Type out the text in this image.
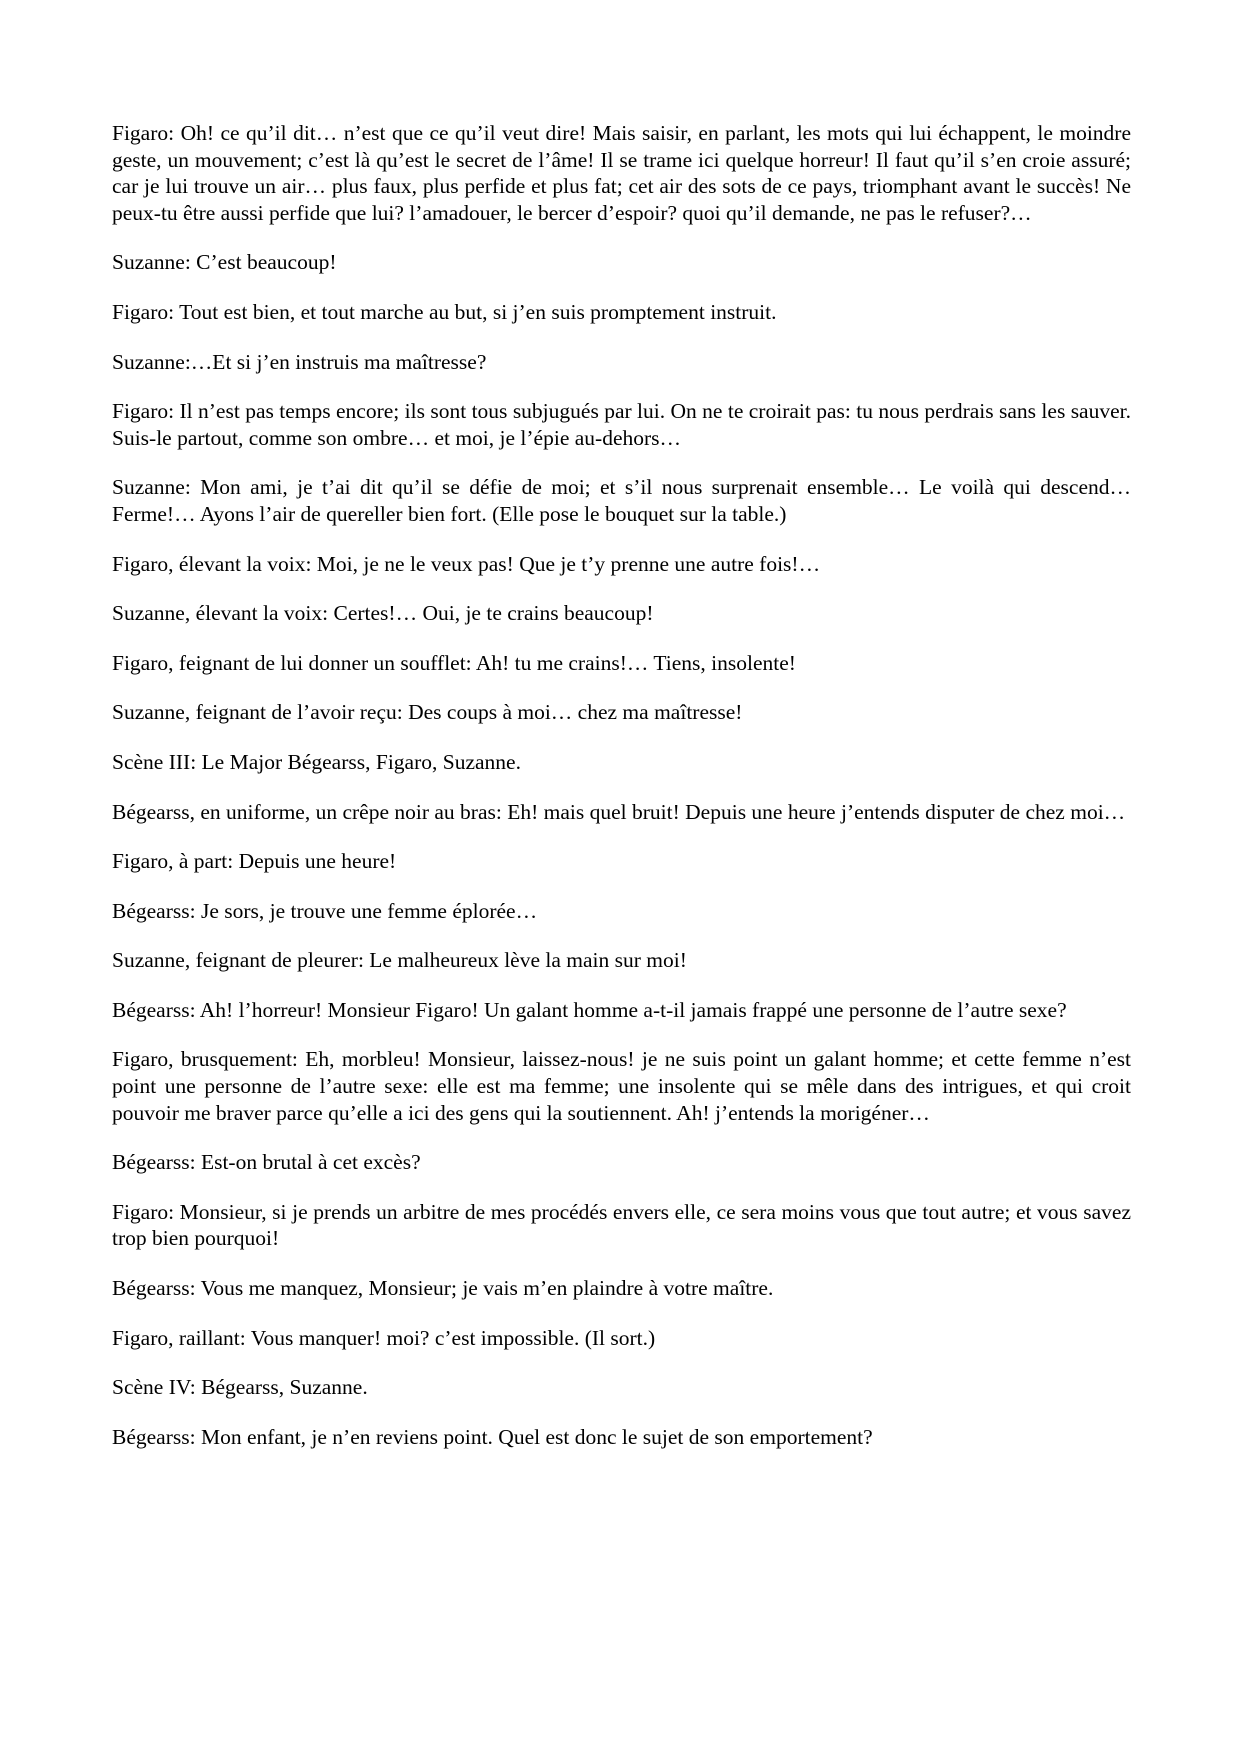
Figaro: Oh! ce qu’il dit… n’est que ce qu’il veut dire! Mais saisir, en parlant, les mots qui lui échappent, le moindre geste, un mouvement; c’est là qu’est le secret de l’âme! Il se trame ici quelque horreur! Il faut qu’il s’en croie assuré; car je lui trouve un air… plus faux, plus perfide et plus fat; cet air des sots de ce pays, triomphant avant le succès! Ne peux-tu être aussi perfide que lui? l’amadouer, le bercer d’espoir? quoi qu’il demande, ne pas le refuser?…

Suzanne: C’est beaucoup!

Figaro: Tout est bien, et tout marche au but, si j’en suis promptement instruit.

Suzanne:…Et si j’en instruis ma maîtresse?

Figaro: Il n’est pas temps encore; ils sont tous subjugués par lui. On ne te croirait pas: tu nous perdrais sans les sauver. Suis-le partout, comme son ombre… et moi, je l’épie au-dehors…

Suzanne: Mon ami, je t’ai dit qu’il se défie de moi; et s’il nous surprenait ensemble… Le voilà qui descend… Ferme!… Ayons l’air de quereller bien fort. (Elle pose le bouquet sur la table.)

Figaro, élevant la voix: Moi, je ne le veux pas! Que je t’y prenne une autre fois!…

Suzanne, élevant la voix: Certes!… Oui, je te crains beaucoup!

Figaro, feignant de lui donner un soufflet: Ah! tu me crains!… Tiens, insolente!

Suzanne, feignant de l’avoir reçu: Des coups à moi… chez ma maîtresse!

Scène III: Le Major Bégearss, Figaro, Suzanne.

Bégearss, en uniforme, un crêpe noir au bras: Eh! mais quel bruit! Depuis une heure j’entends disputer de chez moi…

Figaro, à part: Depuis une heure!

Bégearss: Je sors, je trouve une femme éplorée…

Suzanne, feignant de pleurer: Le malheureux lève la main sur moi!

Bégearss: Ah! l’horreur! Monsieur Figaro! Un galant homme a-t-il jamais frappé une personne de l’autre sexe?

Figaro, brusquement: Eh, morbleu! Monsieur, laissez-nous! je ne suis point un galant homme; et cette femme n’est point une personne de l’autre sexe: elle est ma femme; une insolente qui se mêle dans des intrigues, et qui croit pouvoir me braver parce qu’elle a ici des gens qui la soutiennent. Ah! j’entends la morigéner…

Bégearss: Est-on brutal à cet excès?

Figaro: Monsieur, si je prends un arbitre de mes procédés envers elle, ce sera moins vous que tout autre; et vous savez trop bien pourquoi!

Bégearss: Vous me manquez, Monsieur; je vais m’en plaindre à votre maître.

Figaro, raillant: Vous manquer! moi? c’est impossible. (Il sort.)

Scène IV: Bégearss, Suzanne.

Bégearss: Mon enfant, je n’en reviens point. Quel est donc le sujet de son emportement?
